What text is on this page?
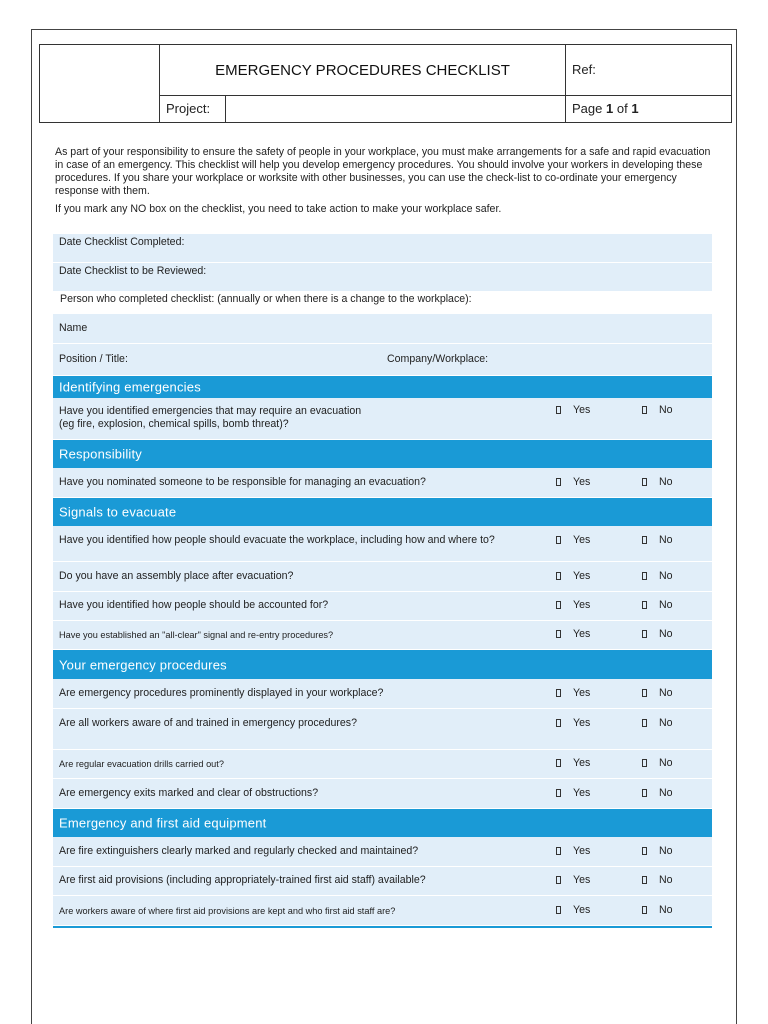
EMERGENCY PROCEDURES CHECKLIST	Ref:
Project:	Page 1 of 1

As part of your responsibility to ensure the safety of people in your workplace, you must make arrangements for a safe and rapid evacuation in case of an emergency. This checklist will help you develop emergency procedures. You should involve your workers in developing these procedures. If you share your workplace or worksite with other businesses, you can use the check-list to co-ordinate your emergency response with them.

If you mark any NO box on the checklist, you need to take action to make your workplace safer.

Date Checklist Completed:
Date Checklist to be Reviewed:
Person who completed checklist: (annually or when there is a change to the workplace):
Name
Position / Title:	Company/Workplace:
Identifying emergencies
Have you identified emergencies that may require an evacuation
(eg fire, explosion, chemical spills, bomb threat)?
Yes	No
Responsibility
Have you nominated someone to be responsible for managing an evacuation?	Yes	No
Signals to evacuate
Have you identified how people should evacuate the workplace, including how and where to?	Yes	No
Do you have an assembly place after evacuation?	Yes	No
Have you identified how people should be accounted for?	Yes	No
Have you established an "all-clear" signal and re-entry procedures?	Yes	No
Your emergency procedures
Are emergency procedures prominently displayed in your workplace?	Yes	No
Are all workers aware of and trained in emergency procedures?	Yes	No
Are regular evacuation drills carried out?	Yes	No
Are emergency exits marked and clear of obstructions?	Yes	No
Emergency and first aid equipment
Are fire extinguishers clearly marked and regularly checked and maintained?	Yes	No
Are first aid provisions (including appropriately-trained first aid staff) available?	Yes	No
Are workers aware of where first aid provisions are kept and who first aid staff are?	Yes	No
